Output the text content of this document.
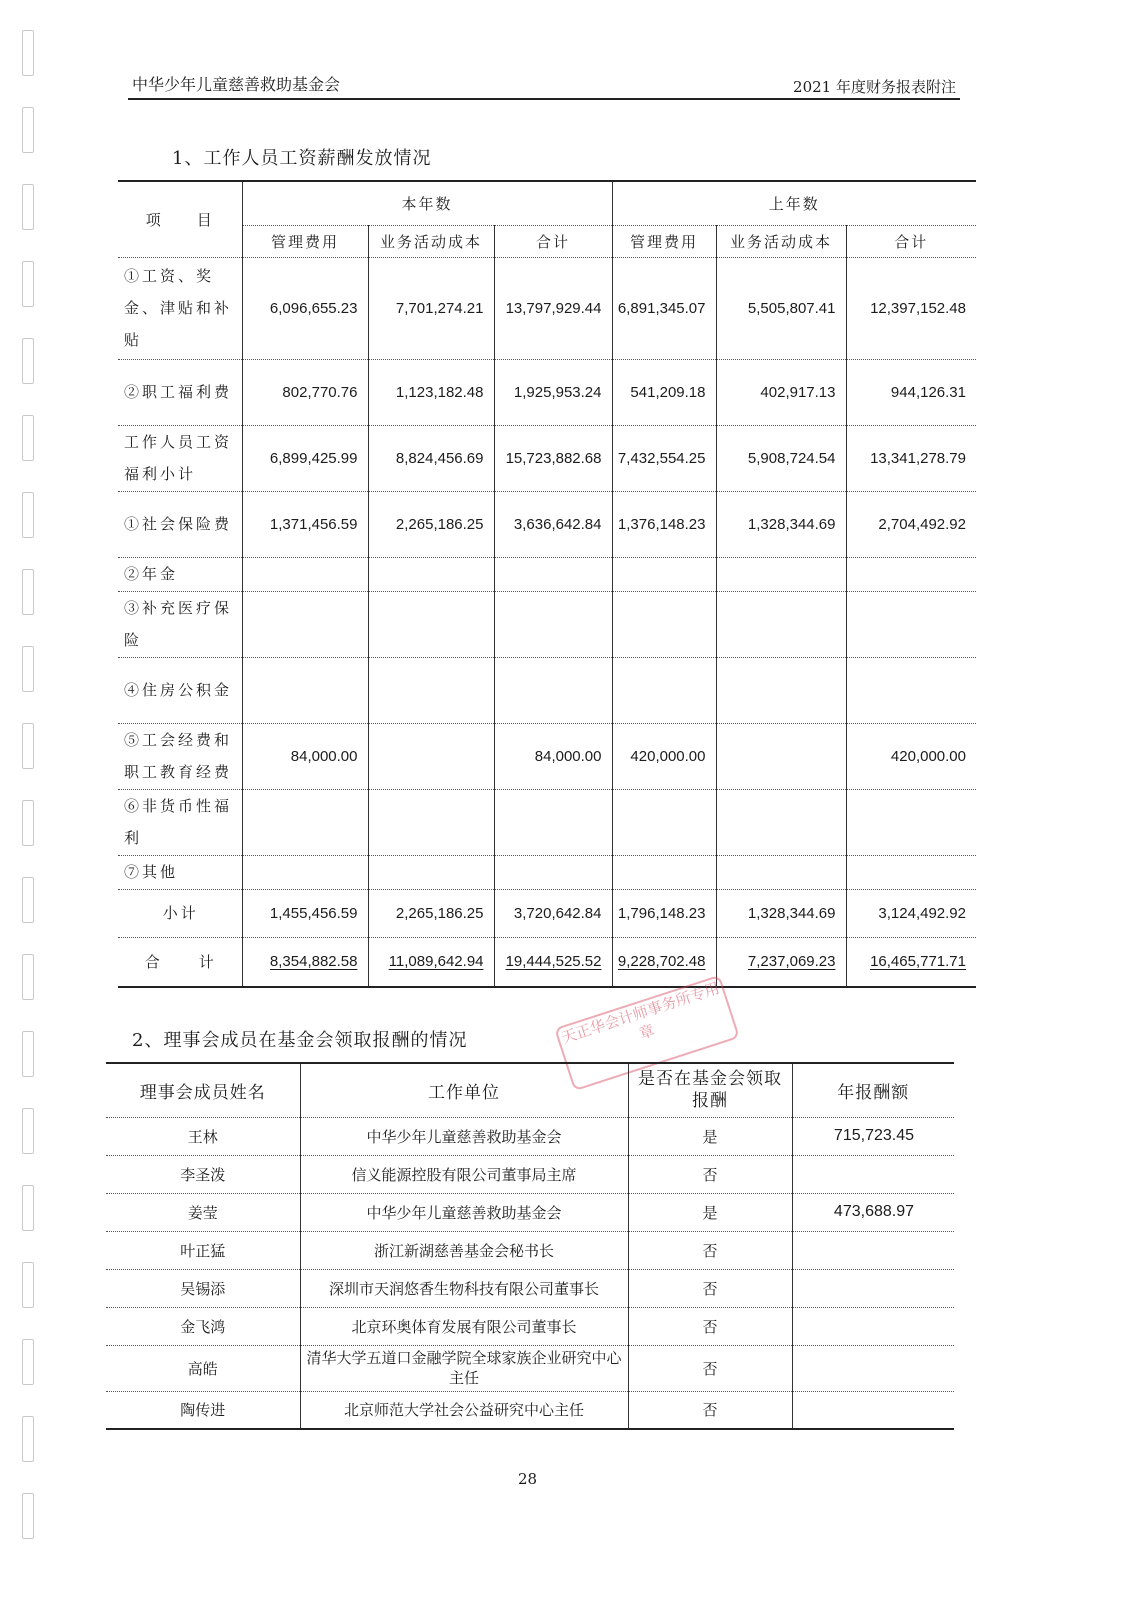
中华少年儿童慈善救助基金会	2021 年度财务报表附注
1、工作人员工资薪酬发放情况
项　　目	本年数			上年数		
	管理费用	业务活动成本	合计	管理费用	业务活动成本	合计
①工资、奖金、津贴和补贴	6,096,655.23	7,701,274.21	13,797,929.44	6,891,345.07	5,505,807.41	12,397,152.48
②职工福利费	802,770.76	1,123,182.48	1,925,953.24	541,209.18	402,917.13	944,126.31
工作人员工资福利小计	6,899,425.99	8,824,456.69	15,723,882.68	7,432,554.25	5,908,724.54	13,341,278.79
①社会保险费	1,371,456.59	2,265,186.25	3,636,642.84	1,376,148.23	1,328,344.69	2,704,492.92
②年金						
③补充医疗保险						
④住房公积金						
⑤工会经费和职工教育经费	84,000.00		84,000.00	420,000.00		420,000.00
⑥非货币性福利						
⑦其他						
小计	1,455,456.59	2,265,186.25	3,720,642.84	1,796,148.23	1,328,344.69	3,124,492.92
合　　计	8,354,882.58	11,089,642.94	19,444,525.52	9,228,702.48	7,237,069.23	16,465,771.71
2、理事会成员在基金会领取报酬的情况	天正华会计师事务所专用章
理事会成员姓名	工作单位	是否在基金会领取报酬	年报酬额
王林	中华少年儿童慈善救助基金会	是	715,723.45
李圣泼	信义能源控股有限公司董事局主席	否	
姜莹	中华少年儿童慈善救助基金会	是	473,688.97
叶正猛	浙江新湖慈善基金会秘书长	否	
吴锡添	深圳市天润悠香生物科技有限公司董事长	否	
金飞鸿	北京环奥体育发展有限公司董事长	否	
高皓	清华大学五道口金融学院全球家族企业研究中心主任	否	
陶传进	北京师范大学社会公益研究中心主任	否	
28
